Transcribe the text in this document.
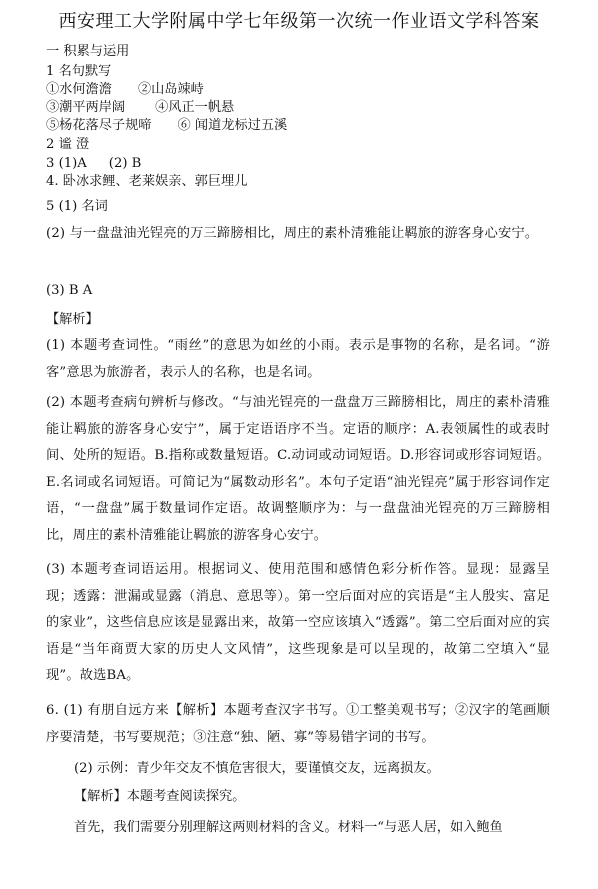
西安理工大学附属中学七年级第一次统一作业语文学科答案
一 积累与运用
1 名句默写
①水何澹澹 ②山岛竦峙
③潮平两岸阔 ④风正一帆悬
⑤杨花落尽子规啼 ⑥ 闻道龙标过五溪
2 谧 澄
3 (1)A (2) B
4. 卧冰求鲤、老莱娱亲、郭巨埋儿
5 (1) 名词
(2) 与一盘盘油光锃亮的万三蹄膀相比，周庄的素朴清雅能让羁旅的游客身心安宁。
(3) B A
【解析】
(1) 本题考查词性。“雨丝”的意思为如丝的小雨。表示是事物的名称，是名词。“游客”意思为旅游者，表示人的名称，也是名词。
(2) 本题考查病句辨析与修改。“与油光锃亮的一盘盘万三蹄膀相比，周庄的素朴清雅能让羁旅的游客身心安宁”，属于定语语序不当。定语的顺序：A.表领属性的或表时间、处所的短语。B.指称或数量短语。C.动词或动词短语。D.形容词或形容词短语。E.名词或名词短语。可简记为“属数动形名”。本句子定语“油光锃亮”属于形容词作定语，“一盘盘”属于数量词作定语。故调整顺序为：与一盘盘油光锃亮的万三蹄膀相比，周庄的素朴清雅能让羁旅的游客身心安宁。
(3) 本题考查词语运用。根据词义、使用范围和感情色彩分析作答。显现：显露呈现；透露：泄漏或显露（消息、意思等）。第一空后面对应的宾语是“主人殷实、富足的家业”，这些信息应该是显露出来，故第一空应该填入“透露”。第二空后面对应的宾语是“当年商贾大家的历史人文风情”，这些现象是可以呈现的，故第二空填入“显现”。故选BA。
6. (1) 有朋自远方来【解析】本题考查汉字书写。①工整美观书写；②汉字的笔画顺序要清楚，书写要规范；③注意“独、陋、寡”等易错字词的书写。
(2) 示例：青少年交友不慎危害很大，要谨慎交友，远离损友。
【解析】本题考查阅读探究。
首先，我们需要分别理解这两则材料的含义。材料一“与恶人居，如入鲍鱼
